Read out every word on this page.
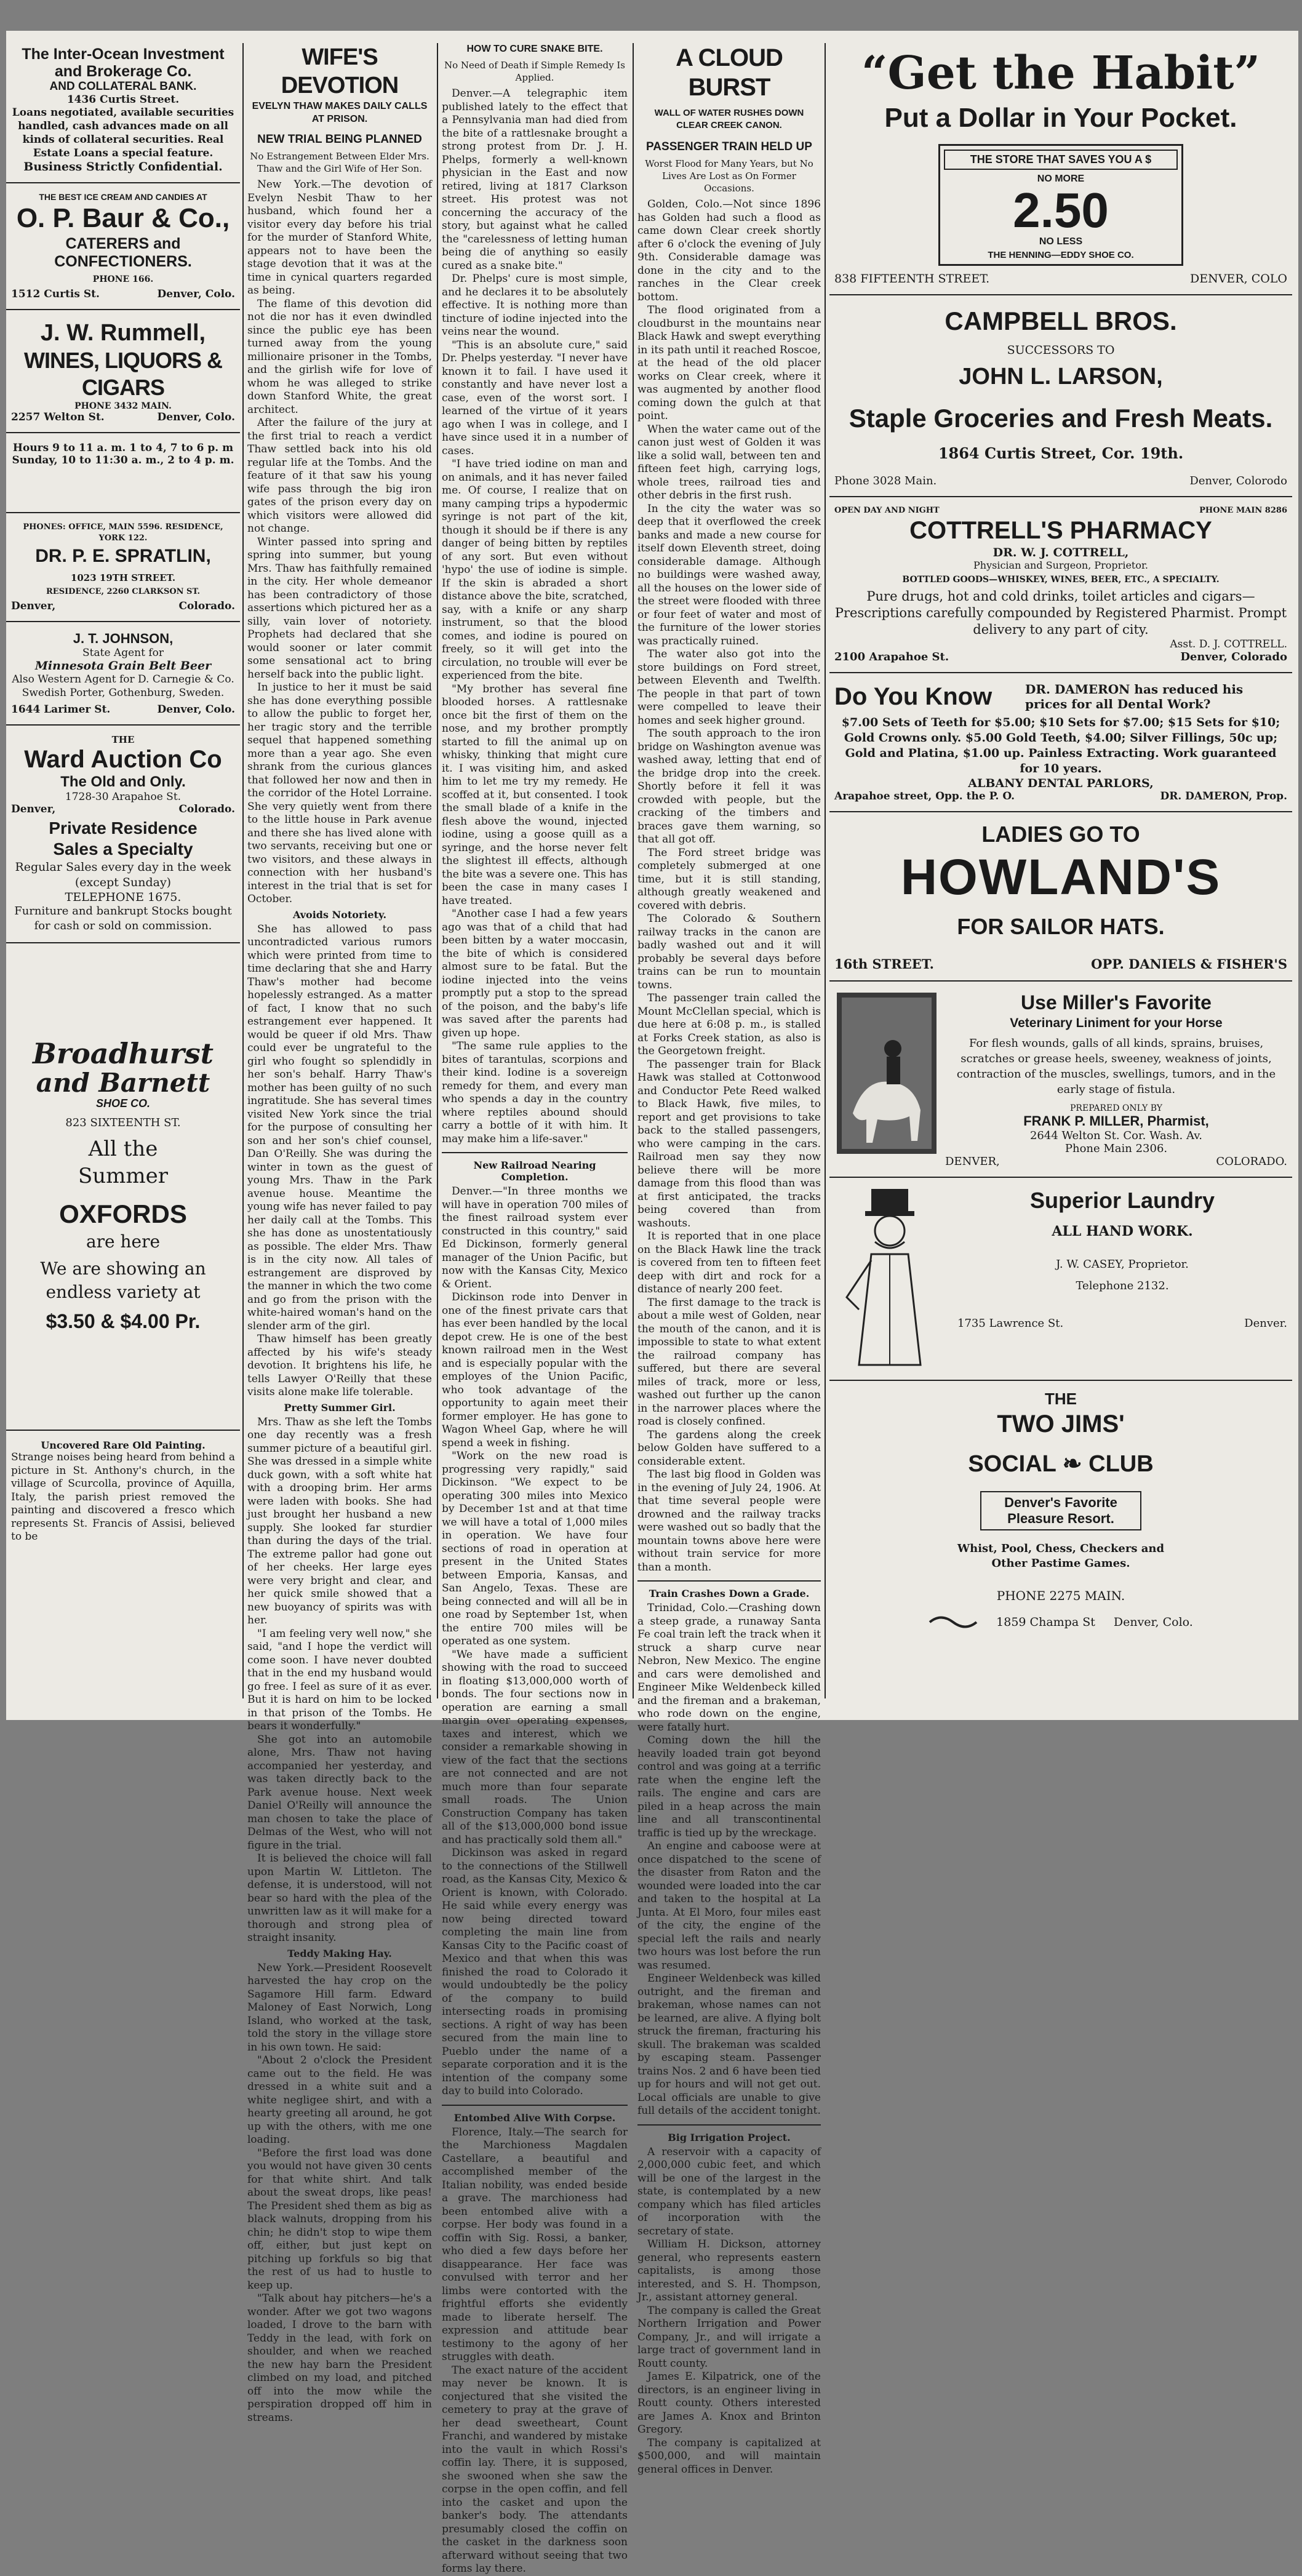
The Inter-Ocean Investment and Brokerage Co.
AND COLLATERAL BANK.
1436 Curtis Street.
Loans negotiated, available securities handled, cash advances made on all kinds of collateral securities. Real Estate Loans a special feature.
Business Strictly Confidential.
THE BEST ICE CREAM AND CANDIES AT
O. P. Baur & Co.,
CATERERS and
CONFECTIONERS.
PHONE 166.
1512 Curtis St.	Denver, Colo.
J. W. Rummell,
WINES, LIQUORS & CIGARS
PHONE 3432 MAIN.
2257 Welton St.	Denver, Colo.
Hours 9 to 11 a. m. 1 to 4, 7 to 6 p. m
Sunday, 10 to 11:30 a. m., 2 to 4 p. m.
PHONES: OFFICE, MAIN 5596. RESIDENCE, YORK 122.
DR. P. E. SPRATLIN,
1023 19TH STREET.
RESIDENCE, 2260 CLARKSON ST.
Denver,	Colorado.
J. T. JOHNSON,
State Agent for
Minnesota Grain Belt Beer
Also Western Agent for D. Carnegie & Co. Swedish Porter, Gothenburg, Sweden.
1644 Larimer St.	Denver, Colo.
THE
Ward Auction Co
The Old and Only.
1728-30 Arapahoe St.
Denver,	Colorado.
Private Residence
Sales a Specialty
Regular Sales every day in the week (except Sunday)
TELEPHONE 1675.
Furniture and bankrupt Stocks bought for cash or sold on commission.
Broadhurst
and Barnett
SHOE CO.
823 SIXTEENTH ST.
All the
Summer
OXFORDS
are here
We are showing an endless variety at
$3.50 & $4.00 Pr.
Uncovered Rare Old Painting.
Strange noises being heard from behind a picture in St. Anthony's church, in the village of Scurcolla, province of Aquilla, Italy, the parish priest removed the painting and discovered a fresco which represents St. Francis of Assisi, believed to be
WIFE'S DEVOTION
EVELYN THAW MAKES DAILY CALLS AT PRISON.
NEW TRIAL BEING PLANNED
No Estrangement Between Elder Mrs. Thaw and the Girl Wife of Her Son.

New York.—The devotion of Evelyn Nesbit Thaw to her husband, which found her a visitor every day before his trial for the murder of Stanford White, appears not to have been the stage devotion that it was at the time in cynical quarters regarded as being.

The flame of this devotion did not die nor has it even dwindled since the public eye has been turned away from the young millionaire prisoner in the Tombs, and the girlish wife for love of whom he was alleged to strike down Stanford White, the great architect.

After the failure of the jury at the first trial to reach a verdict Thaw settled back into his old regular life at the Tombs. And the feature of it that saw his young wife pass through the big iron gates of the prison every day on which visitors were allowed did not change.

Winter passed into spring and spring into summer, but young Mrs. Thaw has faithfully remained in the city. Her whole demeanor has been contradictory of those assertions which pictured her as a silly, vain lover of notoriety. Prophets had declared that she would sooner or later commit some sensational act to bring herself back into the public light.

In justice to her it must be said she has done everything possible to allow the public to forget her, her tragic story and the terrible sequel that happened something more than a year ago. She even shrank from the curious glances that followed her now and then in the corridor of the Hotel Lorraine. She very quietly went from there to the little house in Park avenue and there she has lived alone with two servants, receiving but one or two visitors, and these always in connection with her husband's interest in the trial that is set for October.

Avoids Notoriety.

She has allowed to pass uncontradicted various rumors which were printed from time to time declaring that she and Harry Thaw's mother had become hopelessly estranged. As a matter of fact, I know that no such estrangement ever happened. It would be queer if old Mrs. Thaw could ever be ungrateful to the girl who fought so splendidly in her son's behalf. Harry Thaw's mother has been guilty of no such ingratitude. She has several times visited New York since the trial for the purpose of consulting her son and her son's chief counsel, Dan O'Reilly. She was during the winter in town as the guest of young Mrs. Thaw in the Park avenue house. Meantime the young wife has never failed to pay her daily call at the Tombs. This she has done as unostentatiously as possible. The elder Mrs. Thaw is in the city now. All tales of estrangement are disproved by the manner in which the two come and go from the prison with the white-haired woman's hand on the slender arm of the girl.

Thaw himself has been greatly affected by his wife's steady devotion. It brightens his life, he tells Lawyer O'Reilly that these visits alone make life tolerable.

Pretty Summer Girl.

Mrs. Thaw as she left the Tombs one day recently was a fresh summer picture of a beautiful girl. She was dressed in a simple white duck gown, with a soft white hat with a drooping brim. Her arms were laden with books. She had just brought her husband a new supply. She looked far sturdier than during the days of the trial. The extreme pallor had gone out of her cheeks. Her large eyes were very bright and clear, and her quick smile showed that a new buoyancy of spirits was with her.

"I am feeling very well now," she said, "and I hope the verdict will come soon. I have never doubted that in the end my husband would go free. I feel as sure of it as ever. But it is hard on him to be locked in that prison of the Tombs. He bears it wonderfully."

She got into an automobile alone, Mrs. Thaw not having accompanied her yesterday, and was taken directly back to the Park avenue house. Next week Daniel O'Reilly will announce the man chosen to take the place of Delmas of the West, who will not figure in the trial.

It is believed the choice will fall upon Martin W. Littleton. The defense, it is understood, will not bear so hard with the plea of the unwritten law as it will make for a thorough and strong plea of straight insanity.

Teddy Making Hay.

New York.—President Roosevelt harvested the hay crop on the Sagamore Hill farm. Edward Maloney of East Norwich, Long Island, who worked at the task, told the story in the village store in his own town. He said:

"About 2 o'clock the President came out to the field. He was dressed in a white suit and a white negligee shirt, and with a hearty greeting all around, he got up with the others, with me one loading.

"Before the first load was done you would not have given 30 cents for that white shirt. And talk about the sweat drops, like peas! The President shed them as big as black walnuts, dropping from his chin; he didn't stop to wipe them off, either, but just kept on pitching up forkfuls so big that the rest of us had to hustle to keep up.

"Talk about hay pitchers—he's a wonder. After we got two wagons loaded, I drove to the barn with Teddy in the lead, with fork on shoulder, and when we reached the new hay barn the President climbed on my load, and pitched off into the mow while the perspiration dropped off him in streams.

HOW TO CURE SNAKE BITE.
No Need of Death if Simple Remedy Is Applied.

Denver.—A telegraphic item published lately to the effect that a Pennsylvania man had died from the bite of a rattlesnake brought a strong protest from Dr. J. H. Phelps, formerly a well-known physician in the East and now retired, living at 1817 Clarkson street. His protest was not concerning the accuracy of the story, but against what he called the "carelessness of letting human being die of anything so easily cured as a snake bite."

Dr. Phelps' cure is most simple, and he declares it to be absolutely effective. It is nothing more than tincture of iodine injected into the veins near the wound.

"This is an absolute cure," said Dr. Phelps yesterday. "I never have known it to fail. I have used it constantly and have never lost a case, even of the worst sort. I learned of the virtue of it years ago when I was in college, and I have since used it in a number of cases.

"I have tried iodine on man and on animals, and it has never failed me. Of course, I realize that on many camping trips a hypodermic syringe is not part of the kit, though it should be if there is any danger of being bitten by reptiles of any sort. But even without 'hypo' the use of iodine is simple. If the skin is abraded a short distance above the bite, scratched, say, with a knife or any sharp instrument, so that the blood comes, and iodine is poured on freely, so it will get into the circulation, no trouble will ever be experienced from the bite.

"My brother has several fine blooded horses. A rattlesnake once bit the first of them on the nose, and my brother promptly started to fill the animal up on whisky, thinking that might cure it. I was visiting him, and asked him to let me try my remedy. He scoffed at it, but consented. I took the small blade of a knife in the flesh above the wound, injected iodine, using a goose quill as a syringe, and the horse never felt the slightest ill effects, although the bite was a severe one. This has been the case in many cases I have treated.

"Another case I had a few years ago was that of a child that had been bitten by a water moccasin, the bite of which is considered almost sure to be fatal. But the iodine injected into the veins promptly put a stop to the spread of the poison, and the baby's life was saved after the parents had given up hope.

"The same rule applies to the bites of tarantulas, scorpions and their kind. Iodine is a sovereign remedy for them, and every man who spends a day in the country where reptiles abound should carry a bottle of it with him. It may make him a life-saver."

New Railroad Nearing Completion.

Denver.—"In three months we will have in operation 700 miles of the finest railroad system ever constructed in this country," said Ed Dickinson, formerly general manager of the Union Pacific, but now with the Kansas City, Mexico & Orient.

Dickinson rode into Denver in one of the finest private cars that has ever been handled by the local depot crew. He is one of the best known railroad men in the West and is especially popular with the employes of the Union Pacific, who took advantage of the opportunity to again meet their former employer. He has gone to Wagon Wheel Gap, where he will spend a week in fishing.

"Work on the new road is progressing very rapidly," said Dickinson. "We expect to be operating 300 miles into Mexico by December 1st and at that time we will have a total of 1,000 miles in operation. We have four sections of road in operation at present in the United States between Emporia, Kansas, and San Angelo, Texas. These are being connected and will all be in one road by September 1st, when the entire 700 miles will be operated as one system.

"We have made a sufficient showing with the road to succeed in floating $13,000,000 worth of bonds. The four sections now in operation are earning a small margin over operating expenses, taxes and interest, which we consider a remarkable showing in view of the fact that the sections are not connected and are not much more than four separate small roads. The Union Construction Company has taken all of the $13,000,000 bond issue and has practically sold them all."

Dickinson was asked in regard to the connections of the Stillwell road, as the Kansas City, Mexico & Orient is known, with Colorado. He said while every energy was now being directed toward completing the main line from Kansas City to the Pacific coast of Mexico and that when this was finished the road to Colorado it would undoubtedly be the policy of the company to build intersecting roads in promising sections. A right of way has been secured from the main line to Pueblo under the name of a separate corporation and it is the intention of the company some day to build into Colorado.

Entombed Alive With Corpse.

Florence, Italy.—The search for the Marchioness Magdalen Castellare, a beautiful and accomplished member of the Italian nobility, was ended beside a grave. The marchioness had been entombed alive with a corpse. Her body was found in a coffin with Sig. Rossi, a banker, who died a few days before her disappearance. Her face was convulsed with terror and her limbs were contorted with the frightful efforts she evidently made to liberate herself. The expression and attitude bear testimony to the agony of her struggles with death.

The exact nature of the accident may never be known. It is conjectured that she visited the cemetery to pray at the grave of her dead sweetheart, Count Franchi, and wandered by mistake into the vault in which Rossi's coffin lay. There, it is supposed, she swooned when she saw the corpse in the open coffin, and fell into the casket and upon the banker's body. The attendants presumably closed the coffin on the casket in the darkness soon afterward without seeing that two forms lay there.

A CLOUD BURST
WALL OF WATER RUSHES DOWN CLEAR CREEK CANON.
PASSENGER TRAIN HELD UP
Worst Flood for Many Years, but No Lives Are Lost as On Former Occasions.

Golden, Colo.—Not since 1896 has Golden had such a flood as came down Clear creek shortly after 6 o'clock the evening of July 9th. Considerable damage was done in the city and to the ranches in the Clear creek bottom.

The flood originated from a cloudburst in the mountains near Black Hawk and swept everything in its path until it reached Roscoe, at the head of the old placer works on Clear creek, where it was augmented by another flood coming down the gulch at that point.

When the water came out of the canon just west of Golden it was like a solid wall, between ten and fifteen feet high, carrying logs, whole trees, railroad ties and other debris in the first rush.

In the city the water was so deep that it overflowed the creek banks and made a new course for itself down Eleventh street, doing considerable damage. Although no buildings were washed away, all the houses on the lower side of the street were flooded with three or four feet of water and most of the furniture of the lower stories was practically ruined.

The water also got into the store buildings on Ford street, between Eleventh and Twelfth. The people in that part of town were compelled to leave their homes and seek higher ground.

The south approach to the iron bridge on Washington avenue was washed away, letting that end of the bridge drop into the creek. Shortly before it fell it was crowded with people, but the cracking of the timbers and braces gave them warning, so that all got off.

The Ford street bridge was completely submerged at one time, but it is still standing, although greatly weakened and covered with debris.

The Colorado & Southern railway tracks in the canon are badly washed out and it will probably be several days before trains can be run to mountain towns.

The passenger train called the Mount McClellan special, which is due here at 6:08 p. m., is stalled at Forks Creek station, as also is the Georgetown freight.

The passenger train for Black Hawk was stalled at Cottonwood and Conductor Pete Reed walked to Black Hawk, five miles, to report and get provisions to take back to the stalled passengers, who were camping in the cars. Railroad men say they now believe there will be more damage from this flood than was at first anticipated, the tracks being covered than from washouts.

It is reported that in one place on the Black Hawk line the track is covered from ten to fifteen feet deep with dirt and rock for a distance of nearly 200 feet.

The first damage to the track is about a mile west of Golden, near the mouth of the canon, and it is impossible to state to what extent the railroad company has suffered, but there are several miles of track, more or less, washed out further up the canon in the narrower places where the road is closely confined.

The gardens along the creek below Golden have suffered to a considerable extent.

The last big flood in Golden was in the evening of July 24, 1906. At that time several people were drowned and the railway tracks were washed out so badly that the mountain towns above here were without train service for more than a month.

Train Crashes Down a Grade.

Trinidad, Colo.—Crashing down a steep grade, a runaway Santa Fe coal train left the track when it struck a sharp curve near Nebron, New Mexico. The engine and cars were demolished and Engineer Mike Weldenbeck killed and the fireman and a brakeman, who rode down on the engine, were fatally hurt.

Coming down the hill the heavily loaded train got beyond control and was going at a terrific rate when the engine left the rails. The engine and cars are piled in a heap across the main line and all transcontinental traffic is tied up by the wreckage.

An engine and caboose were at once dispatched to the scene of the disaster from Raton and the wounded were loaded into the car and taken to the hospital at La Junta. At El Moro, four miles east of the city, the engine of the special left the rails and nearly two hours was lost before the run was resumed.

Engineer Weldenbeck was killed outright, and the fireman and brakeman, whose names can not be learned, are alive. A flying bolt struck the fireman, fracturing his skull. The brakeman was scalded by escaping steam. Passenger trains Nos. 2 and 6 have been tied up for hours and will not get out. Local officials are unable to give full details of the accident tonight.

Big Irrigation Project.

A reservoir with a capacity of 2,000,000 cubic feet, and which will be one of the largest in the state, is contemplated by a new company which has filed articles of incorporation with the secretary of state.

William H. Dickson, attorney general, who represents eastern capitalists, is among those interested, and S. H. Thompson, Jr., assistant attorney general.

The company is called the Great Northern Irrigation and Power Company, Jr., and will irrigate a large tract of government land in Routt county.

James E. Kilpatrick, one of the directors, is an engineer living in Routt county. Others interested are James A. Knox and Brinton Gregory.

The company is capitalized at $500,000, and will maintain general offices in Denver.

“Get the Habit”
Put a Dollar in Your Pocket.
THE STORE THAT SAVES YOU A $
NO MORE
2.50
NO LESS
THE HENNING—EDDY SHOE CO.
838 FIFTEENTH STREET.	DENVER, COLO
CAMPBELL BROS.
SUCCESSORS TO
JOHN L. LARSON,
Staple Groceries and Fresh Meats.
1864 Curtis Street, Cor. 19th.
Phone 3028 Main.	Denver, Colorodo
OPEN DAY AND NIGHT	PHONE MAIN 8286
COTTRELL'S PHARMACY
DR. W. J. COTTRELL,
Physician and Surgeon, Proprietor.
BOTTLED GOODS—WHISKEY, WINES, BEER, ETC., A SPECIALTY.
Pure drugs, hot and cold drinks, toilet articles and cigars—Prescriptions carefully compounded by Registered Pharmist. Prompt delivery to any part of city.
Asst. D. J. COTTRELL.
2100 Arapahoe St.	Denver, Colorado
Do You Know	DR. DAMERON has reduced his prices for all Dental Work?
$7.00 Sets of Teeth for $5.00; $10 Sets for $7.00; $15 Sets for $10; Gold Crowns only. $5.00 Gold Teeth, $4.00; Silver Fillings, 50c up; Gold and Platina, $1.00 up. Painless Extracting. Work guaranteed for 10 years.
ALBANY DENTAL PARLORS,
Arapahoe street, Opp. the P. O.	DR. DAMERON, Prop.
LADIES GO TO
HOWLAND'S
FOR SAILOR HATS.
16th STREET.	OPP. DANIELS & FISHER'S
Use Miller's Favorite
Veterinary Liniment for your Horse
For flesh wounds, galls of all kinds, sprains, bruises, scratches or grease heels, sweeney, weakness of joints, contraction of the muscles, swellings, tumors, and in the early stage of fistula.
PREPARED ONLY BY
FRANK P. MILLER, Pharmist,
2644 Welton St. Cor. Wash. Av.
Phone Main 2306.
DENVER,	COLORADO.
Superior Laundry
ALL HAND WORK.
J. W. CASEY, Proprietor.
Telephone 2132.
1735 Lawrence St.	Denver.
THE
TWO JIMS'
SOCIAL ❧ CLUB
Denver's Favorite
Pleasure Resort.
Whist, Pool, Chess, Checkers and Other Pastime Games.
PHONE 2275 MAIN.
1859 Champa St Denver, Colo.
